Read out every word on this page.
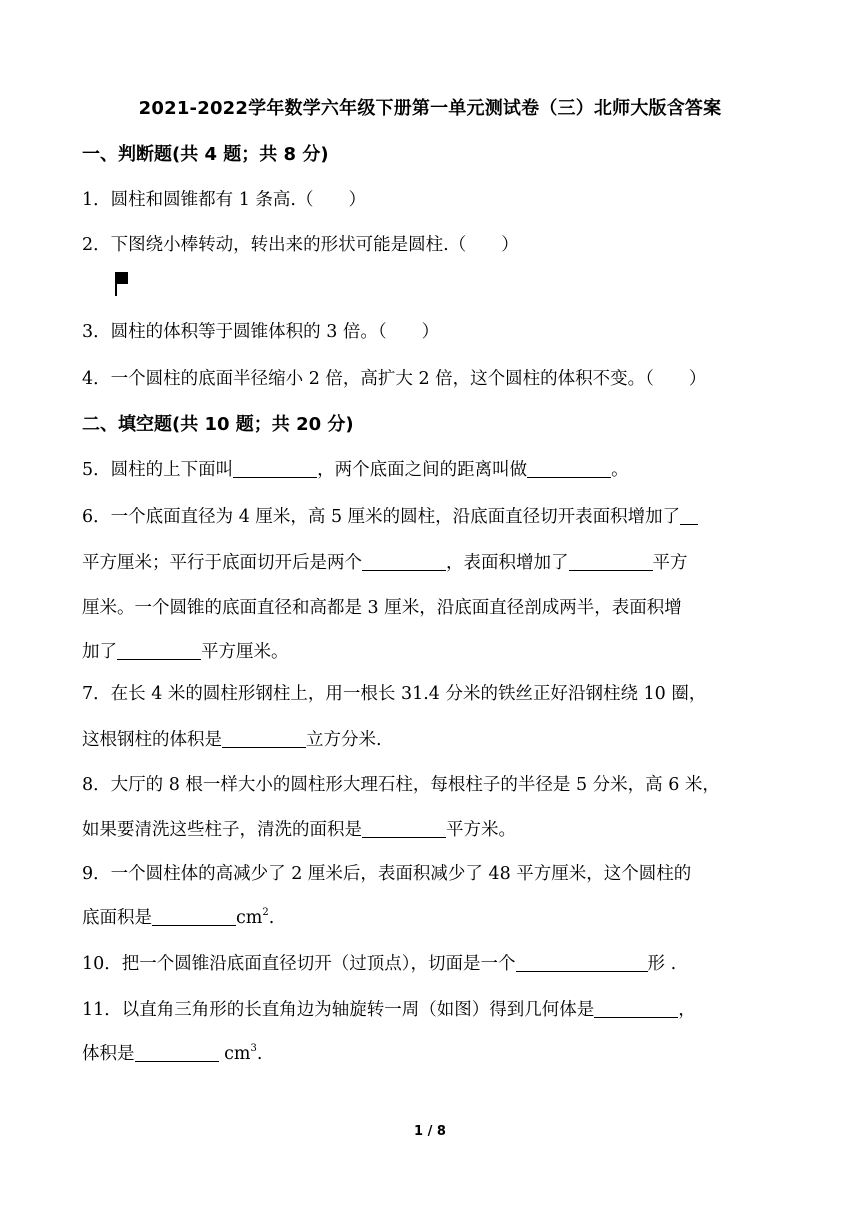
2021-2022学年数学六年级下册第一单元测试卷（三）北师大版含答案
一、判断题(共 4 题；共 8 分)
1．圆柱和圆锥都有 1 条高.（　　）
2．下图绕小棒转动，转出来的形状可能是圆柱.（　　）
3．圆柱的体积等于圆锥体积的 3 倍。（　　）
4．一个圆柱的底面半径缩小 2 倍，高扩大 2 倍，这个圆柱的体积不变。（　　）
二、填空题(共 10 题；共 20 分)
5．圆柱的上下面叫	，两个底面之间的距离叫做	。
6．一个底面直径为 4 厘米，高 5 厘米的圆柱，沿底面直径切开表面积增加了
平方厘米；平行于底面切开后是两个	，表面积增加了	平方
厘米。一个圆锥的底面直径和高都是 3 厘米，沿底面直径剖成两半，表面积增
加了	平方厘米。
7．在长 4 米的圆柱形钢柱上，用一根长 31.4 分米的铁丝正好沿钢柱绕 10 圈，
这根钢柱的体积是	立方分米.
8．大厅的 8 根一样大小的圆柱形大理石柱，每根柱子的半径是 5 分米，高 6 米，
如果要清洗这些柱子，清洗的面积是	平方米。
9．一个圆柱体的高减少了 2 厘米后，表面积减少了 48 平方厘米，这个圆柱的
底面积是	$cm^2$.
10．把一个圆锥沿底面直径切开（过顶点），切面是一个	形 .
11．以直角三角形的长直角边为轴旋转一周（如图）得到几何体是	，
体积是	$cm^3$.
1 / 8
